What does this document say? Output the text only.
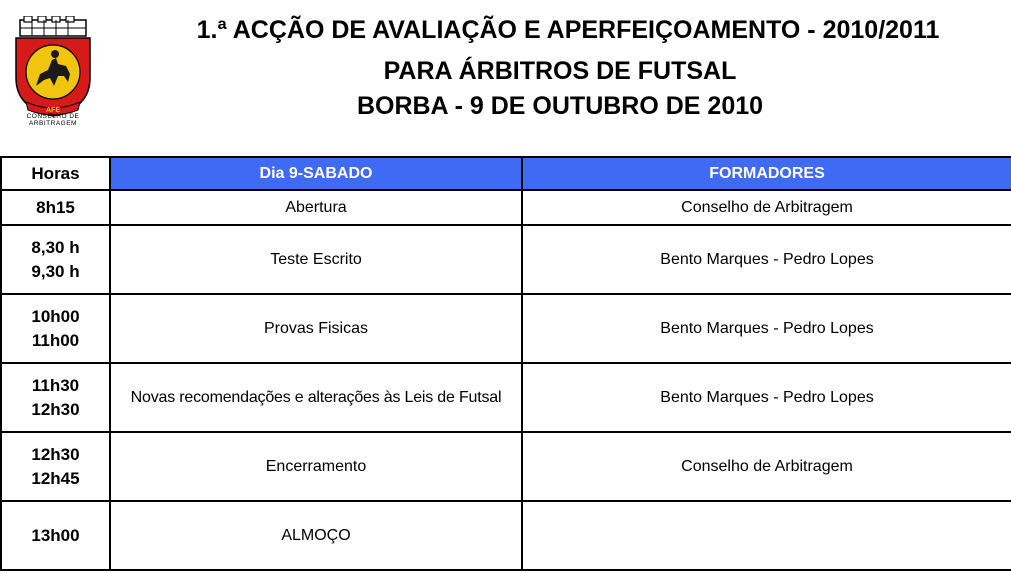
AFE
CONSELHO DE ARBITRAGEM
1.ª ACÇÃO DE AVALIAÇÃO E APERFEIÇOAMENTO - 2010/2011
PARA ÁRBITROS DE FUTSAL
BORBA - 9 DE OUTUBRO DE 2010
Horas	Dia 9-SABADO	FORMADORES

8h15	Abertura	Conselho de Arbitragem

8,30 h
9,30 h	Teste Escrito	Bento Marques - Pedro Lopes

10h00
11h00	Provas Fisicas	Bento Marques - Pedro Lopes

11h30
12h30	Novas recomendações e alterações às Leis de Futsal	Bento Marques - Pedro Lopes

12h30
12h45	Encerramento	Conselho de Arbitragem

13h00	ALMOÇO	
